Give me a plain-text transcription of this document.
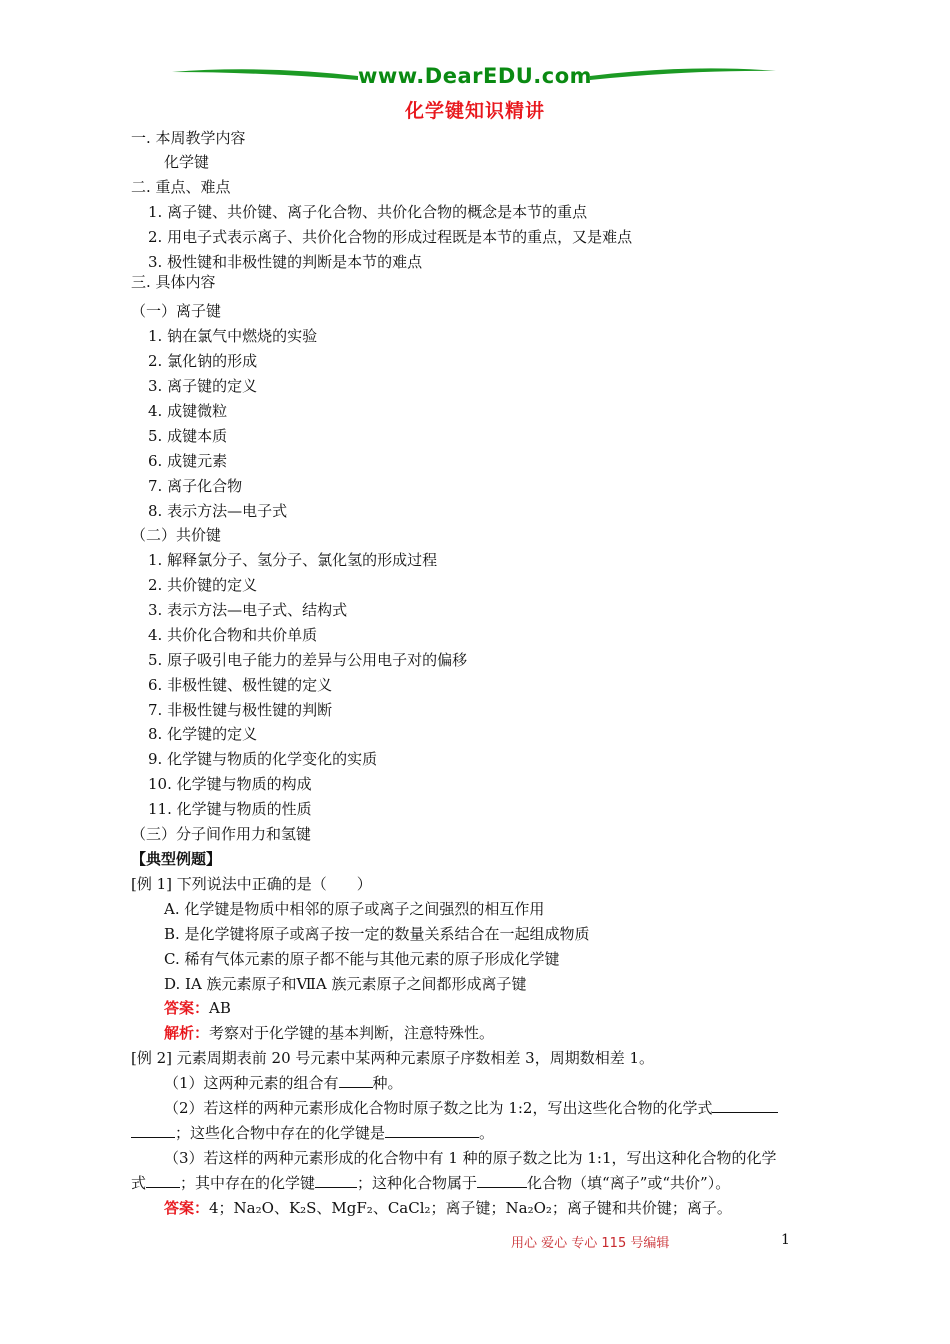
www.DearEDU.com
化学键知识精讲
一. 本周教学内容
化学键
二. 重点、难点
1. 离子键、共价键、离子化合物、共价化合物的概念是本节的重点
2. 用电子式表示离子、共价化合物的形成过程既是本节的重点，又是难点
3. 极性键和非极性键的判断是本节的难点
三. 具体内容
（一）离子键
1. 钠在氯气中燃烧的实验
2. 氯化钠的形成
3. 离子键的定义
4. 成键微粒
5. 成键本质
6. 成键元素
7. 离子化合物
8. 表示方法—电子式
（二）共价键
1. 解释氯分子、氢分子、氯化氢的形成过程
2. 共价键的定义
3. 表示方法—电子式、结构式
4. 共价化合物和共价单质
5. 原子吸引电子能力的差异与公用电子对的偏移
6. 非极性键、极性键的定义
7. 非极性键与极性键的判断
8. 化学键的定义
9. 化学键与物质的化学变化的实质
10. 化学键与物质的构成
11. 化学键与物质的性质
（三）分子间作用力和氢键
【典型例题】
[例 1] 下列说法中正确的是（　　）
A. 化学键是物质中相邻的原子或离子之间强烈的相互作用
B. 是化学键将原子或离子按一定的数量关系结合在一起组成物质
C. 稀有气体元素的原子都不能与其他元素的原子形成化学键
D. IA 族元素原子和ⅦA 族元素原子之间都形成离子键
答案：AB
解析：考察对于化学键的基本判断，注意特殊性。
[例 2] 元素周期表前 20 号元素中某两种元素原子序数相差 3，周期数相差 1。
（1）这两种元素的组合有 种。
（2）若这样的两种元素形成化合物时原子数之比为 1:2，写出这些化合物的化学式
；这些化合物中存在的化学键是	。
（3）若这样的两种元素形成的化合物中有 1 种的原子数之比为 1:1，写出这种化合物的化学
式 ；其中存在的化学键	；这种化合物属于	化合物（填“离子”或“共价”）。
答案：4；Na₂O、K₂S、MgF₂、CaCl₂；离子键；Na₂O₂；离子键和共价键；离子。
用心 爱心 专心 115 号编辑	1
